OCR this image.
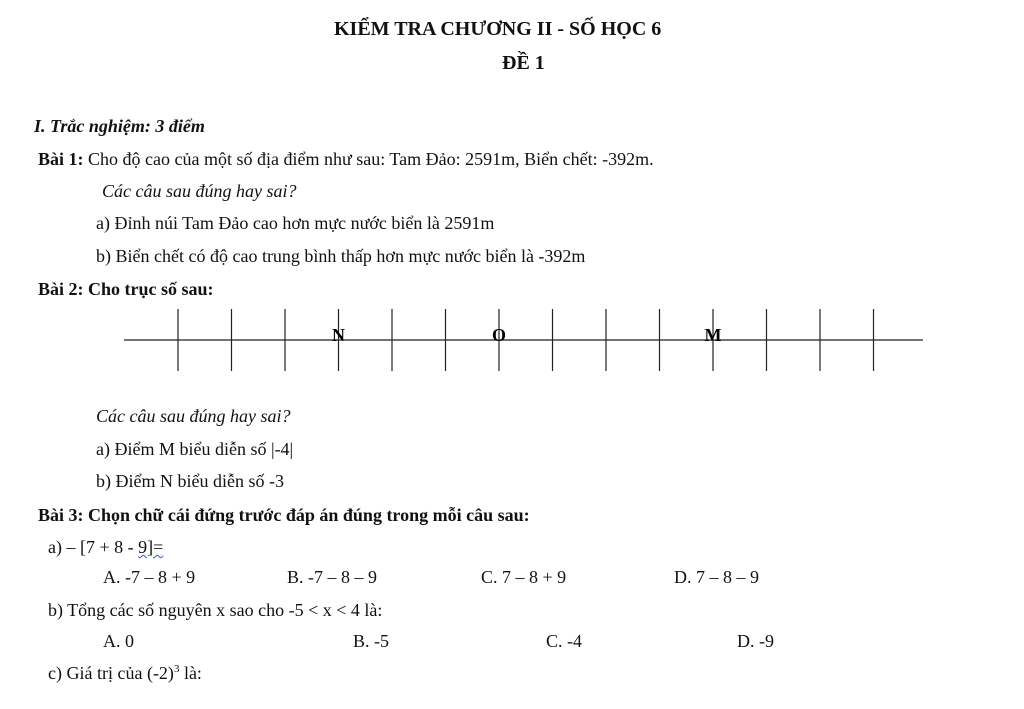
KIỂM TRA CHƯƠNG II - SỐ HỌC 6
ĐỀ 1
I. Trắc nghiệm: 3 điểm
Bài 1: Cho độ cao của một số địa điểm như sau: Tam Đảo: 2591m, Biển chết: -392m.
Các câu sau đúng hay sai?
a) Đỉnh núi Tam Đảo cao hơn mực nước biển là 2591m
b) Biển chết có độ cao trung bình thấp hơn mực nước biển là -392m
Bài 2: Cho trục số sau:
N	O	M
Các câu sau đúng hay sai?
a) Điểm M biểu diễn số |-4|
b) Điểm N biểu diễn số -3
Bài 3: Chọn chữ cái đứng trước đáp án đúng trong mỗi câu sau:
a) – [7 + 8 - 9]=
A. -7 – 8 + 9	B. -7 – 8 – 9	C. 7 – 8 + 9	D. 7 – 8 – 9
b) Tổng các số nguyên x sao cho -5 < x < 4 là:
A. 0	B. -5	C. -4	D. -9
c) Giá trị của $(-2)^3$ là:
